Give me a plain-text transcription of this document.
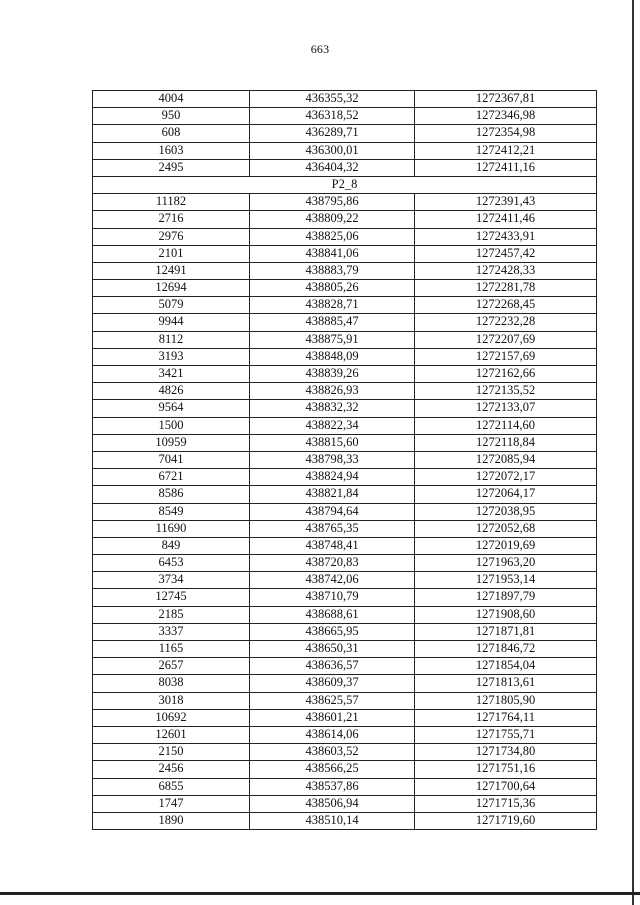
663
4004	436355,32	1272367,81
950	436318,52	1272346,98
608	436289,71	1272354,98
1603	436300,01	1272412,21
2495	436404,32	1272411,16
P2_8		
11182	438795,86	1272391,43
2716	438809,22	1272411,46
2976	438825,06	1272433,91
2101	438841,06	1272457,42
12491	438883,79	1272428,33
12694	438805,26	1272281,78
5079	438828,71	1272268,45
9944	438885,47	1272232,28
8112	438875,91	1272207,69
3193	438848,09	1272157,69
3421	438839,26	1272162,66
4826	438826,93	1272135,52
9564	438832,32	1272133,07
1500	438822,34	1272114,60
10959	438815,60	1272118,84
7041	438798,33	1272085,94
6721	438824,94	1272072,17
8586	438821,84	1272064,17
8549	438794,64	1272038,95
11690	438765,35	1272052,68
849	438748,41	1272019,69
6453	438720,83	1271963,20
3734	438742,06	1271953,14
12745	438710,79	1271897,79
2185	438688,61	1271908,60
3337	438665,95	1271871,81
1165	438650,31	1271846,72
2657	438636,57	1271854,04
8038	438609,37	1271813,61
3018	438625,57	1271805,90
10692	438601,21	1271764,11
12601	438614,06	1271755,71
2150	438603,52	1271734,80
2456	438566,25	1271751,16
6855	438537,86	1271700,64
1747	438506,94	1271715,36
1890	438510,14	1271719,60
